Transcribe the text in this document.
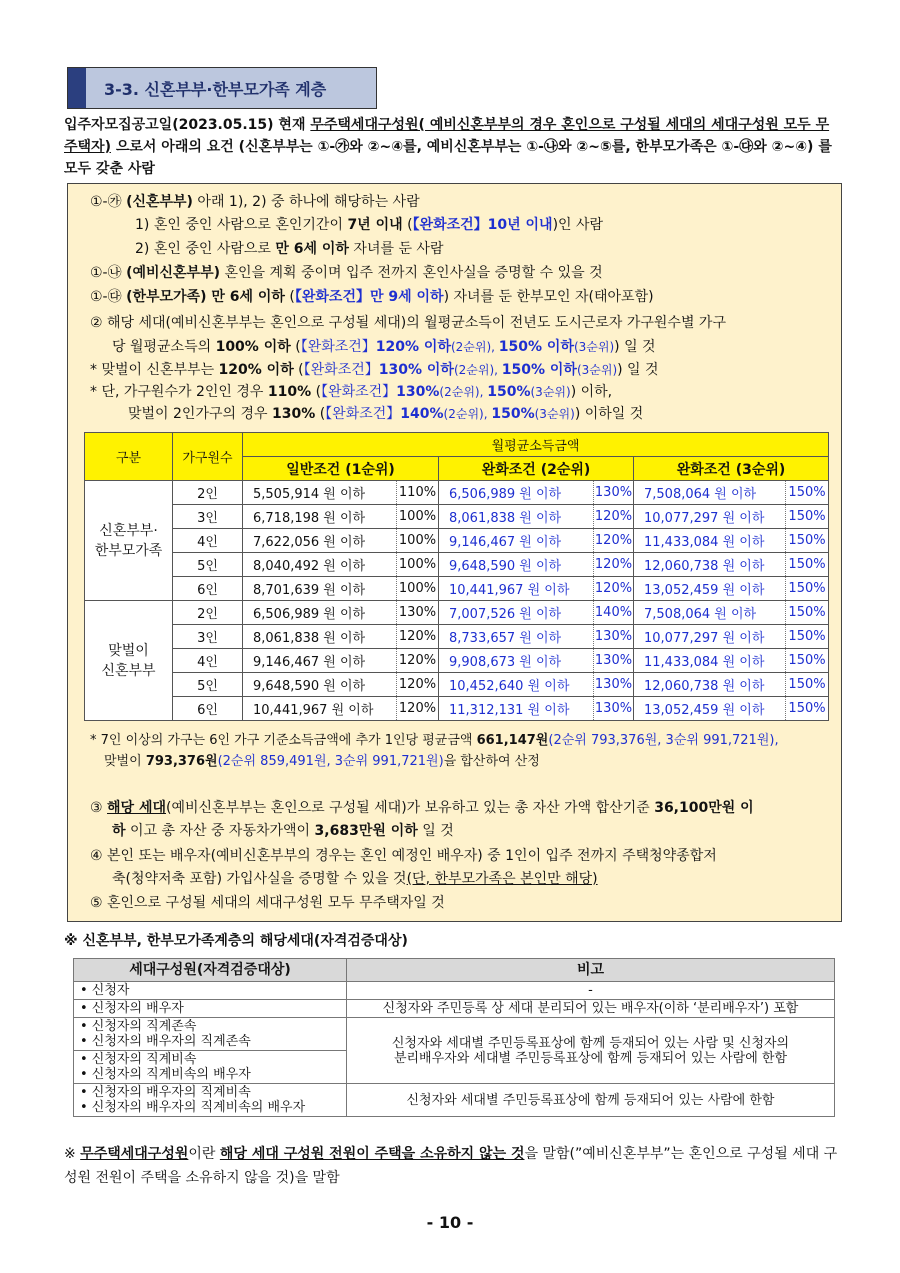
3-3. 신혼부부·한부모가족 계층
입주자모집공고일(2023.05.15) 현재 무주택세대구성원( 예비신혼부부의 경우 혼인으로 구성될 세대의 세대구성원 모두 무주택자) 으로서 아래의 요건 (신혼부부는 ①-㉮와 ②~④를, 예비신혼부부는 ①-㉯와 ②~⑤를, 한부모가족은 ①-㉰와 ②~④) 를 모두 갖춘 사람
①-㉮ (신혼부부) 아래 1), 2) 중 하나에 해당하는 사람
1) 혼인 중인 사람으로 혼인기간이 7년 이내 (【완화조건】10년 이내)인 사람
2) 혼인 중인 사람으로 만 6세 이하 자녀를 둔 사람
①-㉯ (예비신혼부부) 혼인을 계획 중이며 입주 전까지 혼인사실을 증명할 수 있을 것
①-㉰ (한부모가족) 만 6세 이하 (【완화조건】만 9세 이하) 자녀를 둔 한부모인 자(태아포함)
② 해당 세대(예비신혼부부는 혼인으로 구성될 세대)의 월평균소득이 전년도 도시근로자 가구원수별 가구
당 월평균소득의 100% 이하 (【완화조건】120% 이하(2순위), 150% 이하(3순위)) 일 것
* 맞벌이 신혼부부는 120% 이하 (【완화조건】130% 이하(2순위), 150% 이하(3순위)) 일 것
* 단, 가구원수가 2인인 경우 110% (【완화조건】130%(2순위), 150%(3순위)) 이하,
맞벌이 2인가구의 경우 130% (【완화조건】140%(2순위), 150%(3순위)) 이하일 것
구분	가구원수	월평균소득금액					
		일반조건 (1순위)		완화조건 (2순위)		완화조건 (3순위)	
신혼부부·
한부모가족	2인	5,505,914 원 이하	110%	6,506,989 원 이하	130%	7,508,064 원 이하	150%
	3인	6,718,198 원 이하	100%	8,061,838 원 이하	120%	10,077,297 원 이하	150%
	4인	7,622,056 원 이하	100%	9,146,467 원 이하	120%	11,433,084 원 이하	150%
	5인	8,040,492 원 이하	100%	9,648,590 원 이하	120%	12,060,738 원 이하	150%
	6인	8,701,639 원 이하	100%	10,441,967 원 이하	120%	13,052,459 원 이하	150%
맞벌이
신혼부부	2인	6,506,989 원 이하	130%	7,007,526 원 이하	140%	7,508,064 원 이하	150%
	3인	8,061,838 원 이하	120%	8,733,657 원 이하	130%	10,077,297 원 이하	150%
	4인	9,146,467 원 이하	120%	9,908,673 원 이하	130%	11,433,084 원 이하	150%
	5인	9,648,590 원 이하	120%	10,452,640 원 이하	130%	12,060,738 원 이하	150%
	6인	10,441,967 원 이하	120%	11,312,131 원 이하	130%	13,052,459 원 이하	150%
* 7인 이상의 가구는 6인 가구 기준소득금액에 추가 1인당 평균금액 661,147원(2순위 793,376원, 3순위 991,721원),
맞벌이 793,376원(2순위 859,491원, 3순위 991,721원)을 합산하여 산정
③ 해당 세대(예비신혼부부는 혼인으로 구성될 세대)가 보유하고 있는 총 자산 가액 합산기준 36,100만원 이
하 이고 총 자산 중 자동차가액이 3,683만원 이하 일 것
④ 본인 또는 배우자(예비신혼부부의 경우는 혼인 예정인 배우자) 중 1인이 입주 전까지 주택청약종합저
축(청약저축 포함) 가입사실을 증명할 수 있을 것(단, 한부모가족은 본인만 해당)
⑤ 혼인으로 구성될 세대의 세대구성원 모두 무주택자일 것
※ 신혼부부, 한부모가족계층의 해당세대(자격검증대상)
세대구성원(자격검증대상)	비고
• 신청자	-
• 신청자의 배우자	신청자와 주민등록 상 세대 분리되어 있는 배우자(이하 ‘분리배우자’) 포함
• 신청자의 직계존속
• 신청자의 배우자의 직계존속	신청자와 세대별 주민등록표상에 함께 등재되어 있는 사람 및 신청자의
분리배우자와 세대별 주민등록표상에 함께 등재되어 있는 사람에 한함
• 신청자의 직계비속
• 신청자의 직계비속의 배우자	
• 신청자의 배우자의 직계비속
• 신청자의 배우자의 직계비속의 배우자	신청자와 세대별 주민등록표상에 함께 등재되어 있는 사람에 한함
※ 무주택세대구성원이란 해당 세대 구성원 전원이 주택을 소유하지 않는 것을 말함(”예비신혼부부”는 혼인으로 구성될 세대 구성원 전원이 주택을 소유하지 않을 것)을 말함
- 10 -
